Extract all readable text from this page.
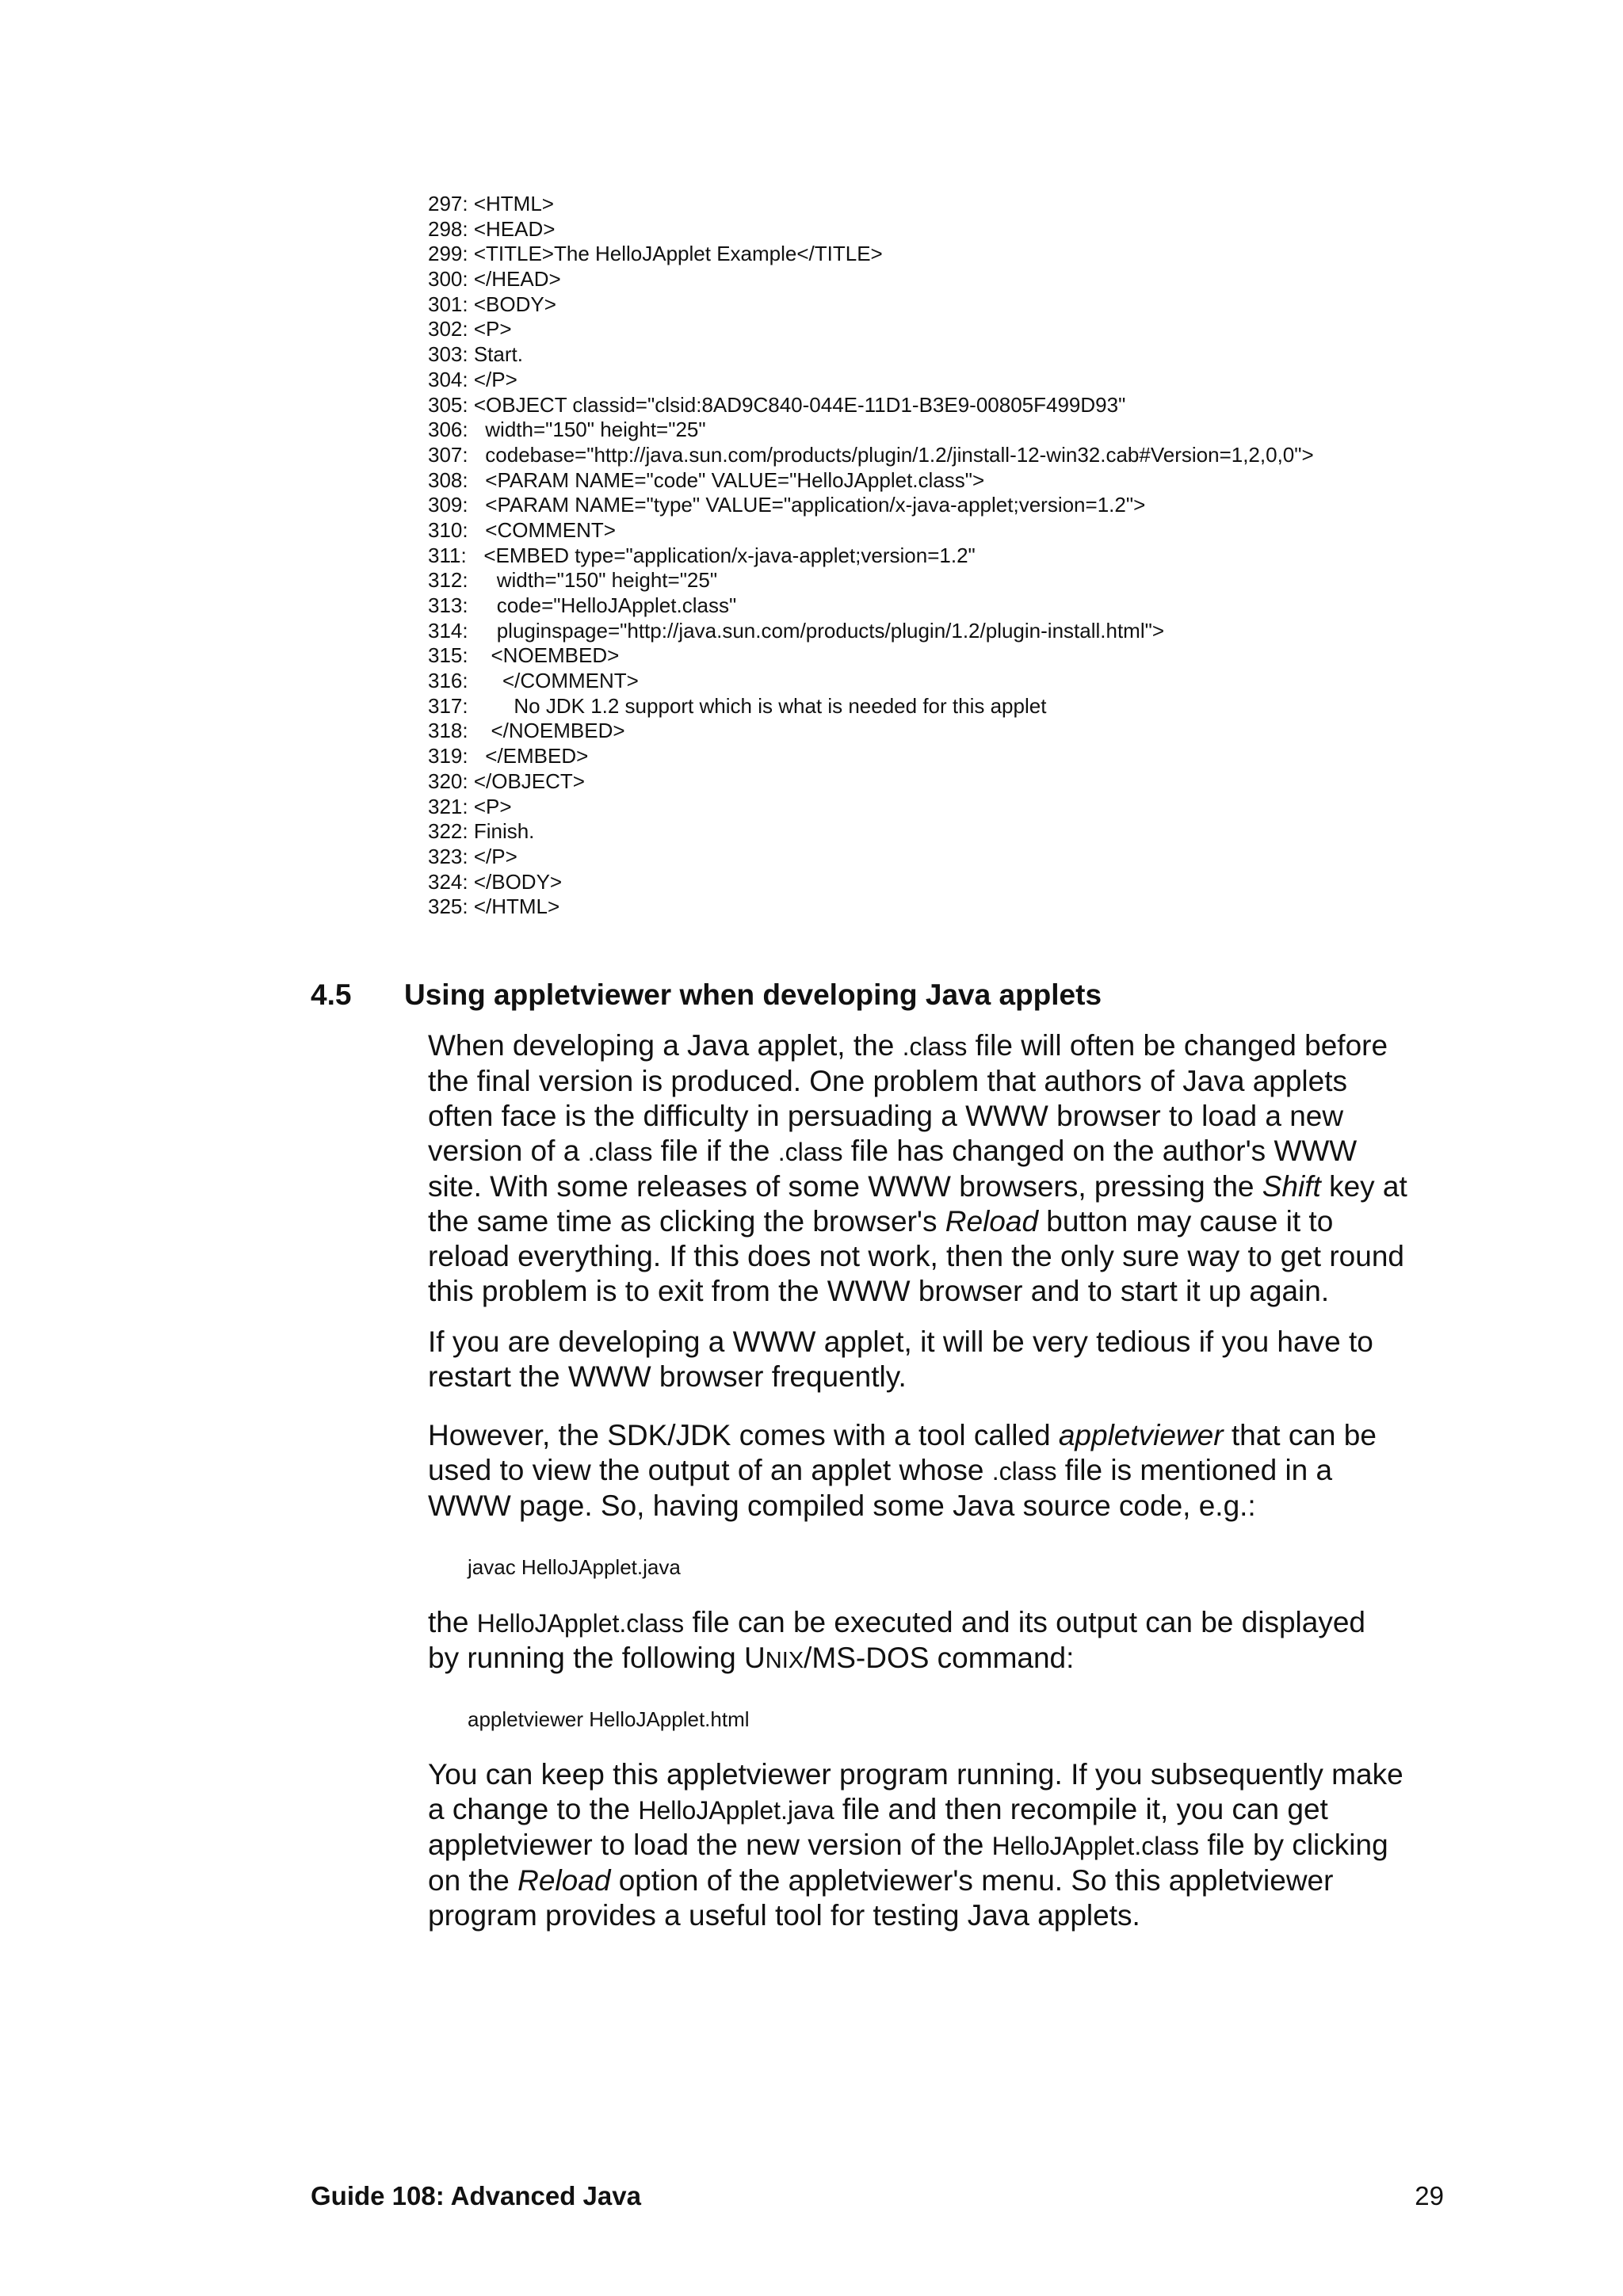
297: <HTML>
298: <HEAD>
299: <TITLE>The HelloJApplet Example</TITLE>
300: </HEAD>
301: <BODY>
302: <P>
303: Start.
304: </P>
305: <OBJECT classid="clsid:8AD9C840-044E-11D1-B3E9-00805F499D93"
306:   width="150" height="25"
307:   codebase="http://java.sun.com/products/plugin/1.2/jinstall-12-win32.cab#Version=1,2,0,0">
308:   <PARAM NAME="code" VALUE="HelloJApplet.class">
309:   <PARAM NAME="type" VALUE="application/x-java-applet;version=1.2">
310:   <COMMENT>
311:   <EMBED type="application/x-java-applet;version=1.2"
312:     width="150" height="25"
313:     code="HelloJApplet.class"
314:     pluginspage="http://java.sun.com/products/plugin/1.2/plugin-install.html">
315:    <NOEMBED>
316:      </COMMENT>
317:        No JDK 1.2 support which is what is needed for this applet
318:    </NOEMBED>
319:   </EMBED>
320: </OBJECT>
321: <P>
322: Finish.
323: </P>
324: </BODY>
325: </HTML>
4.5 Using appletviewer when developing Java applets

When developing a Java applet, the .class file will often be changed before
the final version is produced. One problem that authors of Java applets
often face is the difficulty in persuading a WWW browser to load a new
version of a .class file if the .class file has changed on the author's WWW
site. With some releases of some WWW browsers, pressing the Shift key at
the same time as clicking the browser's Reload button may cause it to
reload everything. If this does not work, then the only sure way to get round
this problem is to exit from the WWW browser and to start it up again.

If you are developing a WWW applet, it will be very tedious if you have to
restart the WWW browser frequently.

However, the SDK/JDK comes with a tool called appletviewer that can be
used to view the output of an applet whose .class file is mentioned in a
WWW page. So, having compiled some Java source code, e.g.:

javac HelloJApplet.java

the HelloJApplet.class file can be executed and its output can be displayed
by running the following UNIX/MS-DOS command:

appletviewer HelloJApplet.html

You can keep this appletviewer program running. If you subsequently make
a change to the HelloJApplet.java file and then recompile it, you can get
appletviewer to load the new version of the HelloJApplet.class file by clicking
on the Reload option of the appletviewer's menu. So this appletviewer
program provides a useful tool for testing Java applets.

Guide 108: Advanced Java	29
